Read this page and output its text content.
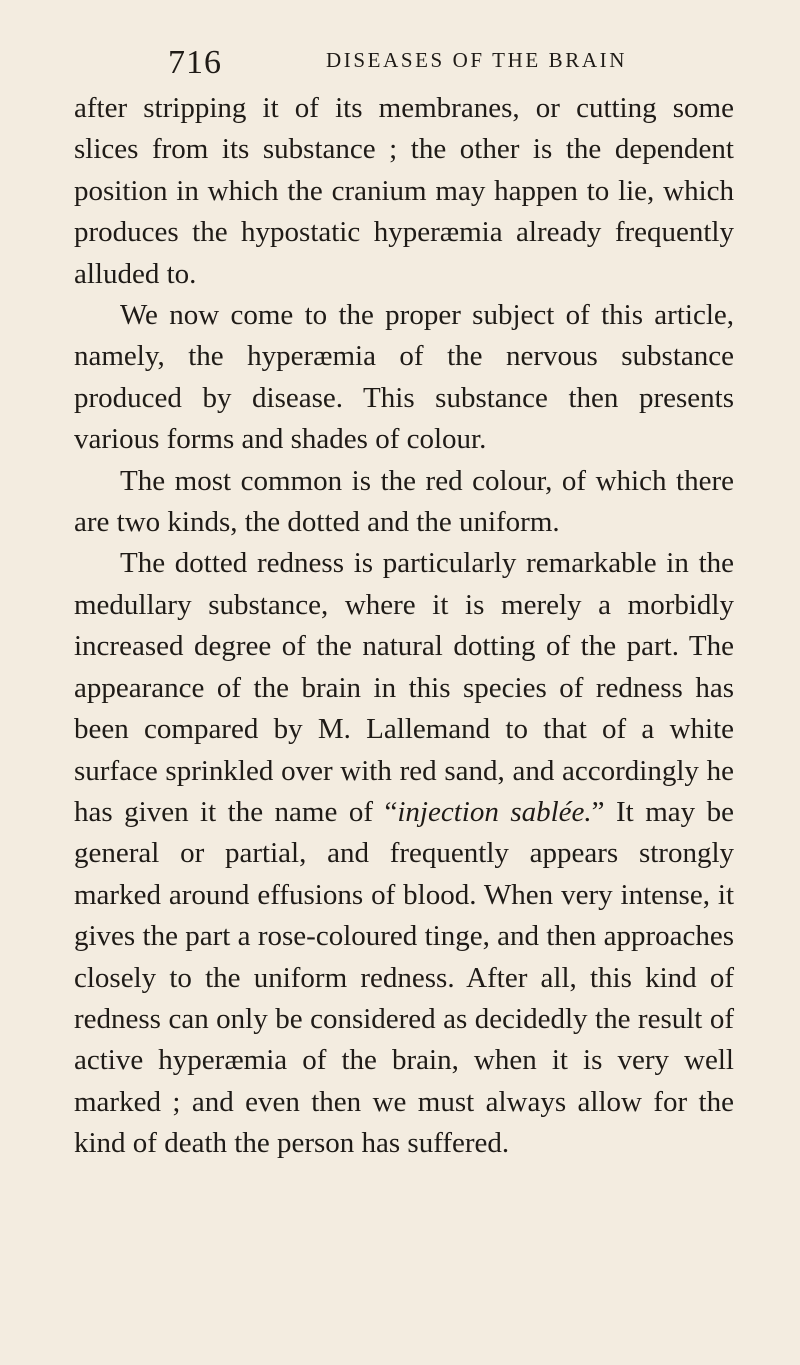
716	DISEASES OF THE BRAIN

after stripping it of its membranes, or cutting some slices from its substance ; the other is the dependent position in which the cranium may happen to lie, which produces the hypostatic hyperæmia already frequently alluded to.

We now come to the proper subject of this article, namely, the hyperæmia of the nervous substance produced by disease. This substance then presents various forms and shades of colour.

The most common is the red colour, of which there are two kinds, the dotted and the uniform.

The dotted redness is particularly remarkable in the medullary substance, where it is merely a morbidly increased degree of the natural dotting of the part. The appearance of the brain in this species of redness has been compared by M. Lallemand to that of a white surface sprinkled over with red sand, and accordingly he has given it the name of “injection sablée.” It may be general or partial, and frequently appears strongly marked around effusions of blood. When very intense, it gives the part a rose-coloured tinge, and then approaches closely to the uniform redness. After all, this kind of redness can only be considered as decidedly the result of active hyperæmia of the brain, when it is very well marked ; and even then we must always allow for the kind of death the person has suffered.
